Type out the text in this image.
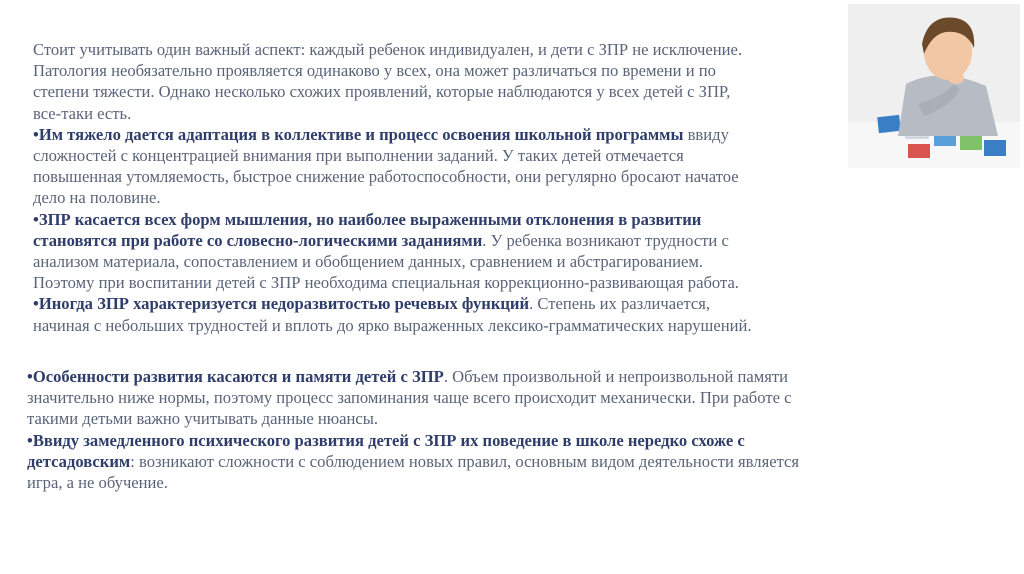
Стоит учитывать один важный аспект: каждый ребенок индивидуален, и дети с ЗПР не исключение.
Патология необязательно проявляется одинаково у всех, она может различаться по времени и по
степени тяжести. Однако несколько схожих проявлений, которые наблюдаются у всех детей с ЗПР,
все-таки есть.

•Им тяжело дается адаптация в коллективе и процесс освоения школьной программы ввиду
сложностей с концентрацией внимания при выполнении заданий. У таких детей отмечается
повышенная утомляемость, быстрое снижение работоспособности, они регулярно бросают начатое
дело на половине.

•ЗПР касается всех форм мышления, но наиболее выраженными отклонения в развитии
становятся при работе со словесно-логическими заданиями. У ребенка возникают трудности с
анализом материала, сопоставлением и обобщением данных, сравнением и абстрагированием.
Поэтому при воспитании детей с ЗПР необходима специальная коррекционно-развивающая работа.

•Иногда ЗПР характеризуется недоразвитостью речевых функций. Степень их различается,
начиная с небольших трудностей и вплоть до ярко выраженных лексико-грамматических нарушений.

•Особенности развития касаются и памяти детей с ЗПР. Объем произвольной и непроизвольной памяти
значительно ниже нормы, поэтому процесс запоминания чаще всего происходит механически. При работе с
такими детьми важно учитывать данные нюансы.

•Ввиду замедленного психического развития детей с ЗПР их поведение в школе нередко схоже с
детсадовским: возникают сложности с соблюдением новых правил, основным видом деятельности является
игра, а не обучение.
